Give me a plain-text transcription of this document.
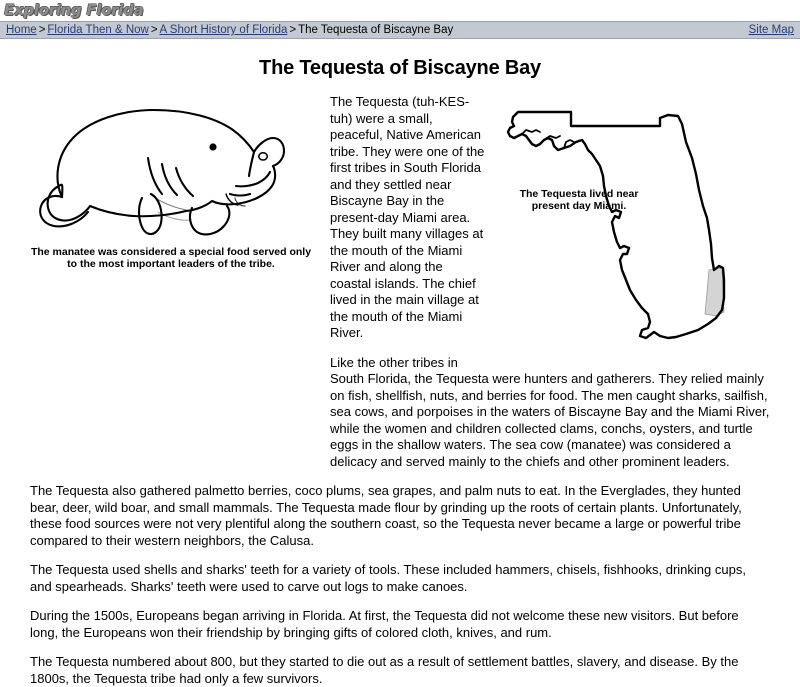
Exploring Florida
Home > Florida Then & Now > A Short History of Florida > The Tequesta of Biscayne Bay	Site Map
The Tequesta of Biscayne Bay
The manatee was considered a special food served only to the most important leaders of the tribe.
The Tequesta lived near present day Miami.

The Tequesta (tuh-KES-tuh) were a small, peaceful, Native American tribe. They were one of the first tribes in South Florida and they settled near Biscayne Bay in the present-day Miami area. They built many villages at the mouth of the Miami River and along the coastal islands. The chief lived in the main village at the mouth of the Miami River.

Like the other tribes in South Florida, the Tequesta were hunters and gatherers. They relied mainly on fish, shellfish, nuts, and berries for food. The men caught sharks, sailfish, sea cows, and porpoises in the waters of Biscayne Bay and the Miami River, while the women and children collected clams, conchs, oysters, and turtle eggs in the shallow waters. The sea cow (manatee) was considered a delicacy and served mainly to the chiefs and other prominent leaders.

The Tequesta also gathered palmetto berries, coco plums, sea grapes, and palm nuts to eat. In the Everglades, they hunted bear, deer, wild boar, and small mammals. The Tequesta made flour by grinding up the roots of certain plants. Unfortunately, these food sources were not very plentiful along the southern coast, so the Tequesta never became a large or powerful tribe compared to their western neighbors, the Calusa.

The Tequesta used shells and sharks' teeth for a variety of tools. These included hammers, chisels, fishhooks, drinking cups, and spearheads. Sharks' teeth were used to carve out logs to make canoes.

During the 1500s, Europeans began arriving in Florida. At first, the Tequesta did not welcome these new visitors. But before long, the Europeans won their friendship by bringing gifts of colored cloth, knives, and rum.

The Tequesta numbered about 800, but they started to die out as a result of settlement battles, slavery, and disease. By the 1800s, the Tequesta tribe had only a few survivors.
